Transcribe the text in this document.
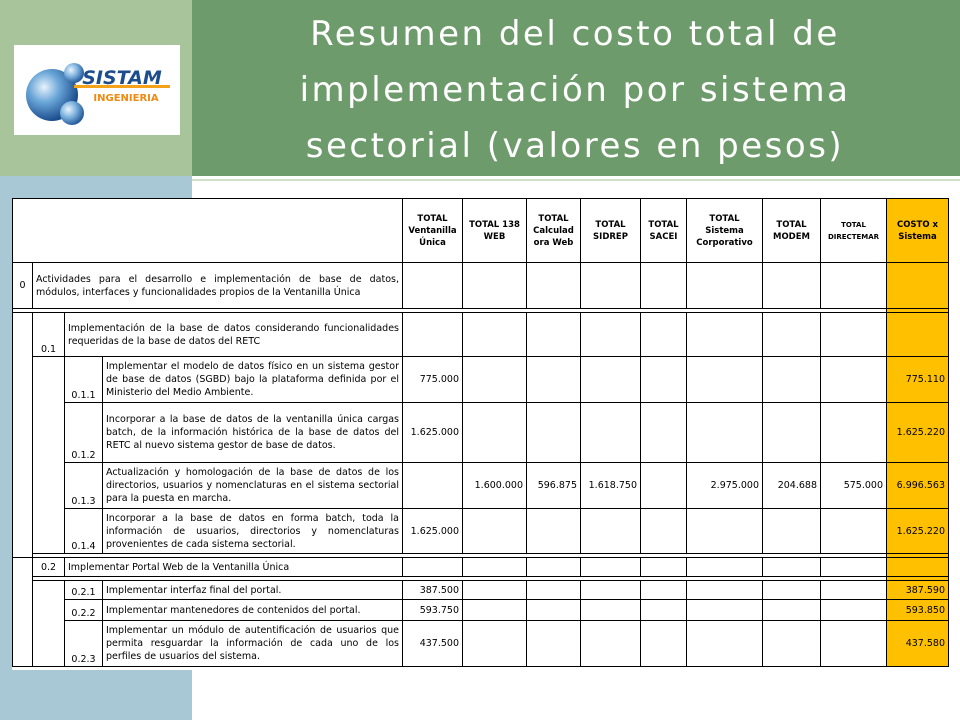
Resumen del costo total de implementación por sistema sectorial (valores en pesos)
SISTAM
INGENIERIA
				TOTAL Ventanilla Única	TOTAL 138 WEB	TOTAL Calculad ora Web	TOTAL SIDREP	TOTAL SACEI	TOTAL Sistema Corporativo	TOTAL MODEM	TOTAL DIRECTEMAR	COSTO x Sistema
0	Actividades para el desarrollo e implementación de base de datos, módulos, interfaces y funcionalidades propios de la Ventanilla Única											

	0.1	Implementación de la base de datos considerando funcionalidades requeridas de la base de datos del RETC										
		0.1.1	Implementar el modelo de datos físico en un sistema gestor de base de datos (SGBD) bajo la plataforma definida por el Ministerio del Medio Ambiente.	775.000								775.110
		0.1.2	Incorporar a la base de datos de la ventanilla única cargas batch, de la información histórica de la base de datos del RETC al nuevo sistema gestor de base de datos.	1.625.000								1.625.220
		0.1.3	Actualización y homologación de la base de datos de los directorios, usuarios y nomenclaturas en el sistema sectorial para la puesta en marcha.		1.600.000	596.875	1.618.750		2.975.000	204.688	575.000	6.996.563
		0.1.4	Incorporar a la base de datos en forma batch, toda la información de usuarios, directorios y nomenclaturas provenientes de cada sistema sectorial.	1.625.000								1.625.220

	0.2	Implementar Portal Web de la Ventanilla Única										

		0.2.1	Implementar interfaz final del portal.	387.500								387.590
		0.2.2	Implementar mantenedores de contenidos del portal.	593.750								593.850
		0.2.3	Implementar un módulo de autentificación de usuarios que permita resguardar la información de cada uno de los perfiles de usuarios del sistema.	437.500								437.580
